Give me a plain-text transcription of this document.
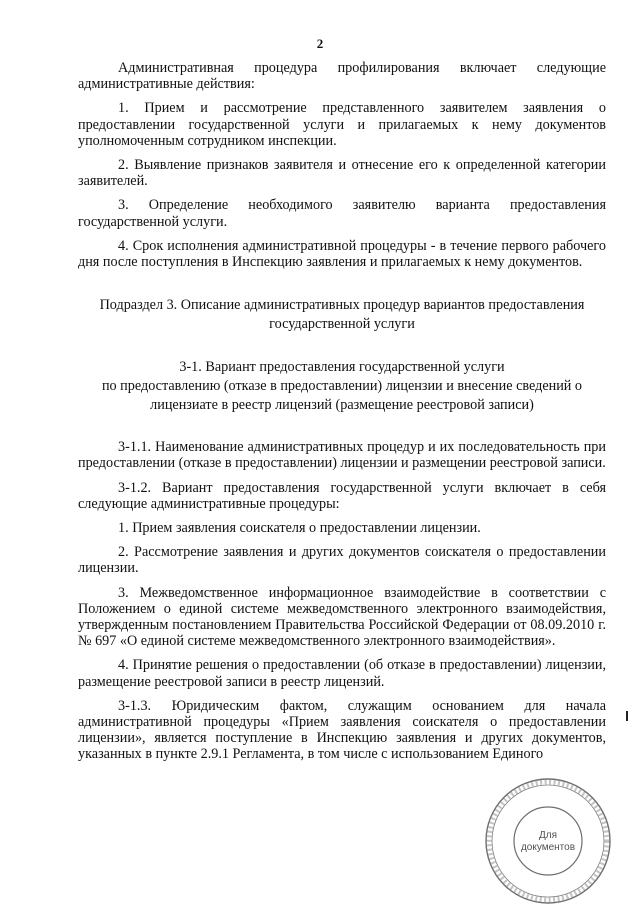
2

Административная процедура профилирования включает следующие административные действия:

1. Прием и рассмотрение представленного заявителем заявления о предоставлении государственной услуги и прилагаемых к нему документов уполномоченным сотрудником инспекции.

2. Выявление признаков заявителя и отнесение его к определенной категории заявителей.

3. Определение необходимого заявителю варианта предоставления государственной услуги.

4. Срок исполнения административной процедуры - в течение первого рабочего дня после поступления в Инспекцию заявления и прилагаемых к нему документов.

Подраздел 3. Описание административных процедур вариантов предоставления государственной услуги

3-1. Вариант предоставления государственной услуги
по предоставлению (отказе в предоставлении) лицензии и внесение сведений о лицензиате в реестр лицензий (размещение реестровой записи)

3-1.1. Наименование административных процедур и их последовательность при предоставлении (отказе в предоставлении) лицензии и размещении реестровой записи.

3-1.2. Вариант предоставления государственной услуги включает в себя следующие административные процедуры:

1. Прием заявления соискателя о предоставлении лицензии.

2. Рассмотрение заявления и других документов соискателя о предоставлении лицензии.

3. Межведомственное информационное взаимодействие в соответствии с Положением о единой системе межведомственного электронного взаимодействия, утвержденным постановлением Правительства Российской Федерации от 08.09.2010 г. № 697 «О единой системе межведомственного электронного взаимодействия».

4. Принятие решения о предоставлении (об отказе в предоставлении) лицензии, размещение реестровой записи в реестр лицензий.

3-1.3. Юридическим фактом, служащим основанием для начала административной процедуры «Прием заявления соискателя о предоставлении лицензии», является поступление в Инспекцию заявления и других документов, указанных в пункте 2.9.1 Регламента, в том числе с использованием Единого

Для документов
